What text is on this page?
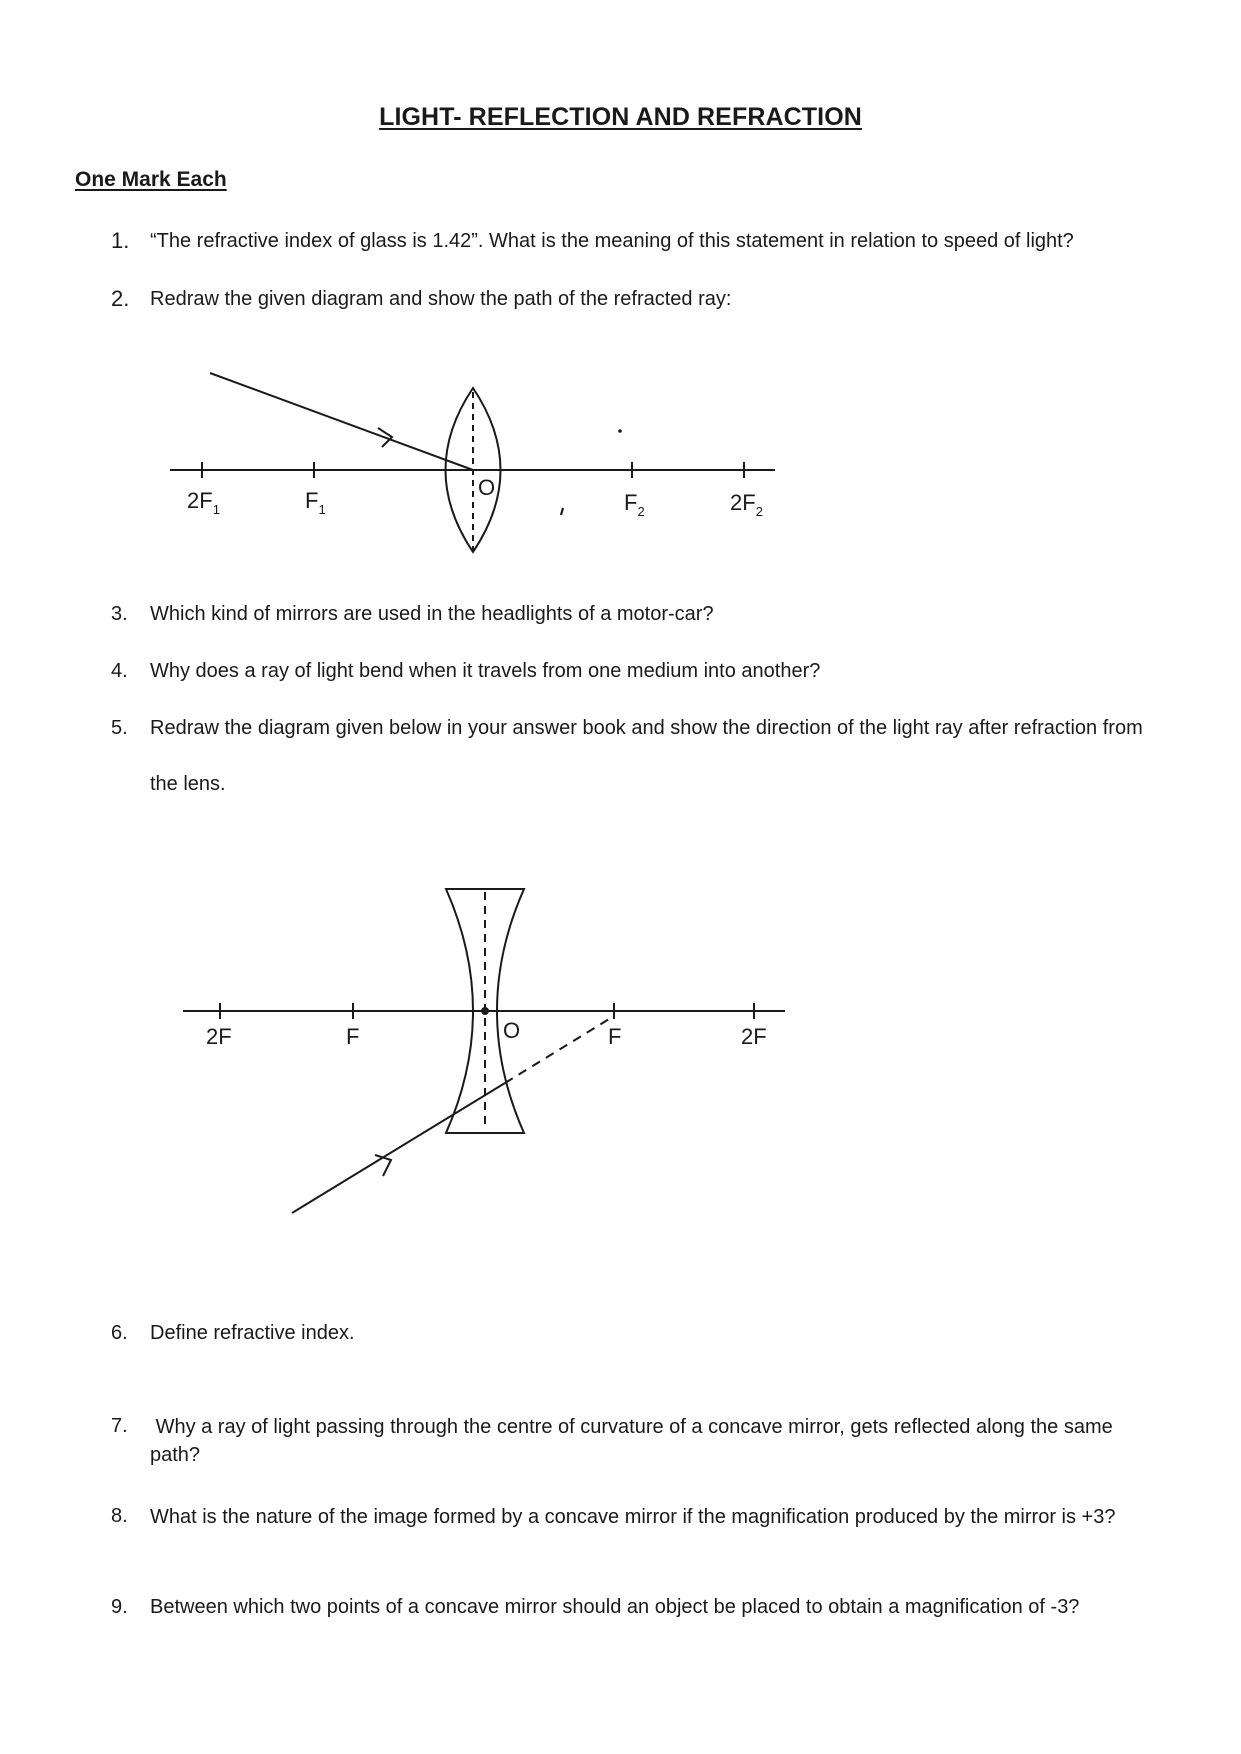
LIGHT- REFLECTION AND REFRACTION
One Mark Each
1.	“The refractive index of glass is 1.42”. What is the meaning of this statement in relation to speed of light?
2.	Redraw the given diagram and show the path of the refracted ray:
$2F_1$	$F_1$
O
$F_2$	$2F_2$
3.	Which kind of mirrors are used in the headlights of a motor-car?
4.	Why does a ray of light bend when it travels from one medium into another?
5.	Redraw the diagram given below in your answer book and show the direction of the light ray after refraction from the lens.
2F	F	O	F	2F
6.	Define refractive index.
7.	Why a ray of light passing through the centre of curvature of a concave mirror, gets reflected along the same path?
8.	What is the nature of the image formed by a concave mirror if the magnification produced by the mirror is +3?
9.	Between which two points of a concave mirror should an object be placed to obtain a magnification of -3?
